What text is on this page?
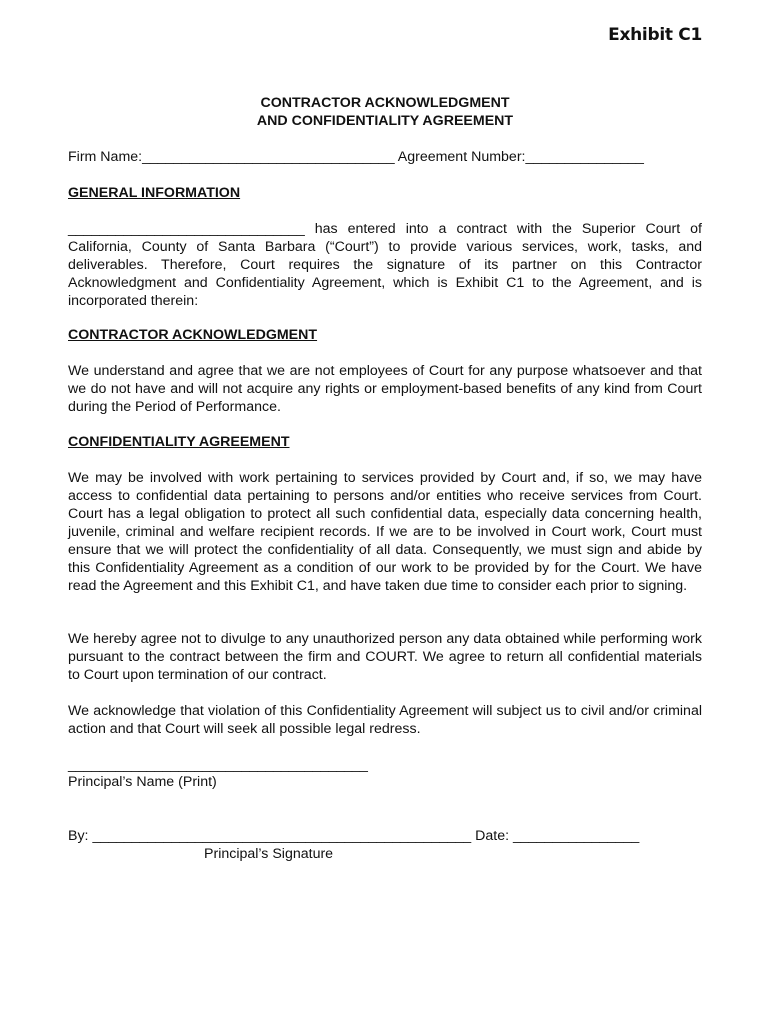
Exhibit C1
CONTRACTOR ACKNOWLEDGMENT
AND CONFIDENTIALITY AGREEMENT
Firm Name:________________________________ Agreement Number:_______________
GENERAL INFORMATION
______________________________ has entered into a contract with the Superior Court of California, County of Santa Barbara (“Court”) to provide various services, work, tasks, and deliverables. Therefore, Court requires the signature of its partner on this Contractor Acknowledgment and Confidentiality Agreement, which is Exhibit C1 to the Agreement, and is incorporated therein:
CONTRACTOR ACKNOWLEDGMENT
We understand and agree that we are not employees of Court for any purpose whatsoever and that we do not have and will not acquire any rights or employment-based benefits of any kind from Court during the Period of Performance.
CONFIDENTIALITY AGREEMENT
We may be involved with work pertaining to services provided by Court and, if so, we may have access to confidential data pertaining to persons and/or entities who receive services from Court. Court has a legal obligation to protect all such confidential data, especially data concerning health, juvenile, criminal and welfare recipient records. If we are to be involved in Court work, Court must ensure that we will protect the confidentiality of all data. Consequently, we must sign and abide by this Confidentiality Agreement as a condition of our work to be provided by for the Court. We have read the Agreement and this Exhibit C1, and have taken due time to consider each prior to signing.
We hereby agree not to divulge to any unauthorized person any data obtained while performing work pursuant to the contract between the firm and COURT. We agree to return all confidential materials to Court upon termination of our contract.
We acknowledge that violation of this Confidentiality Agreement will subject us to civil and/or criminal action and that Court will seek all possible legal redress.
______________________________________
Principal’s Name (Print)
By: ________________________________________________ Date: ________________
Principal’s Signature
